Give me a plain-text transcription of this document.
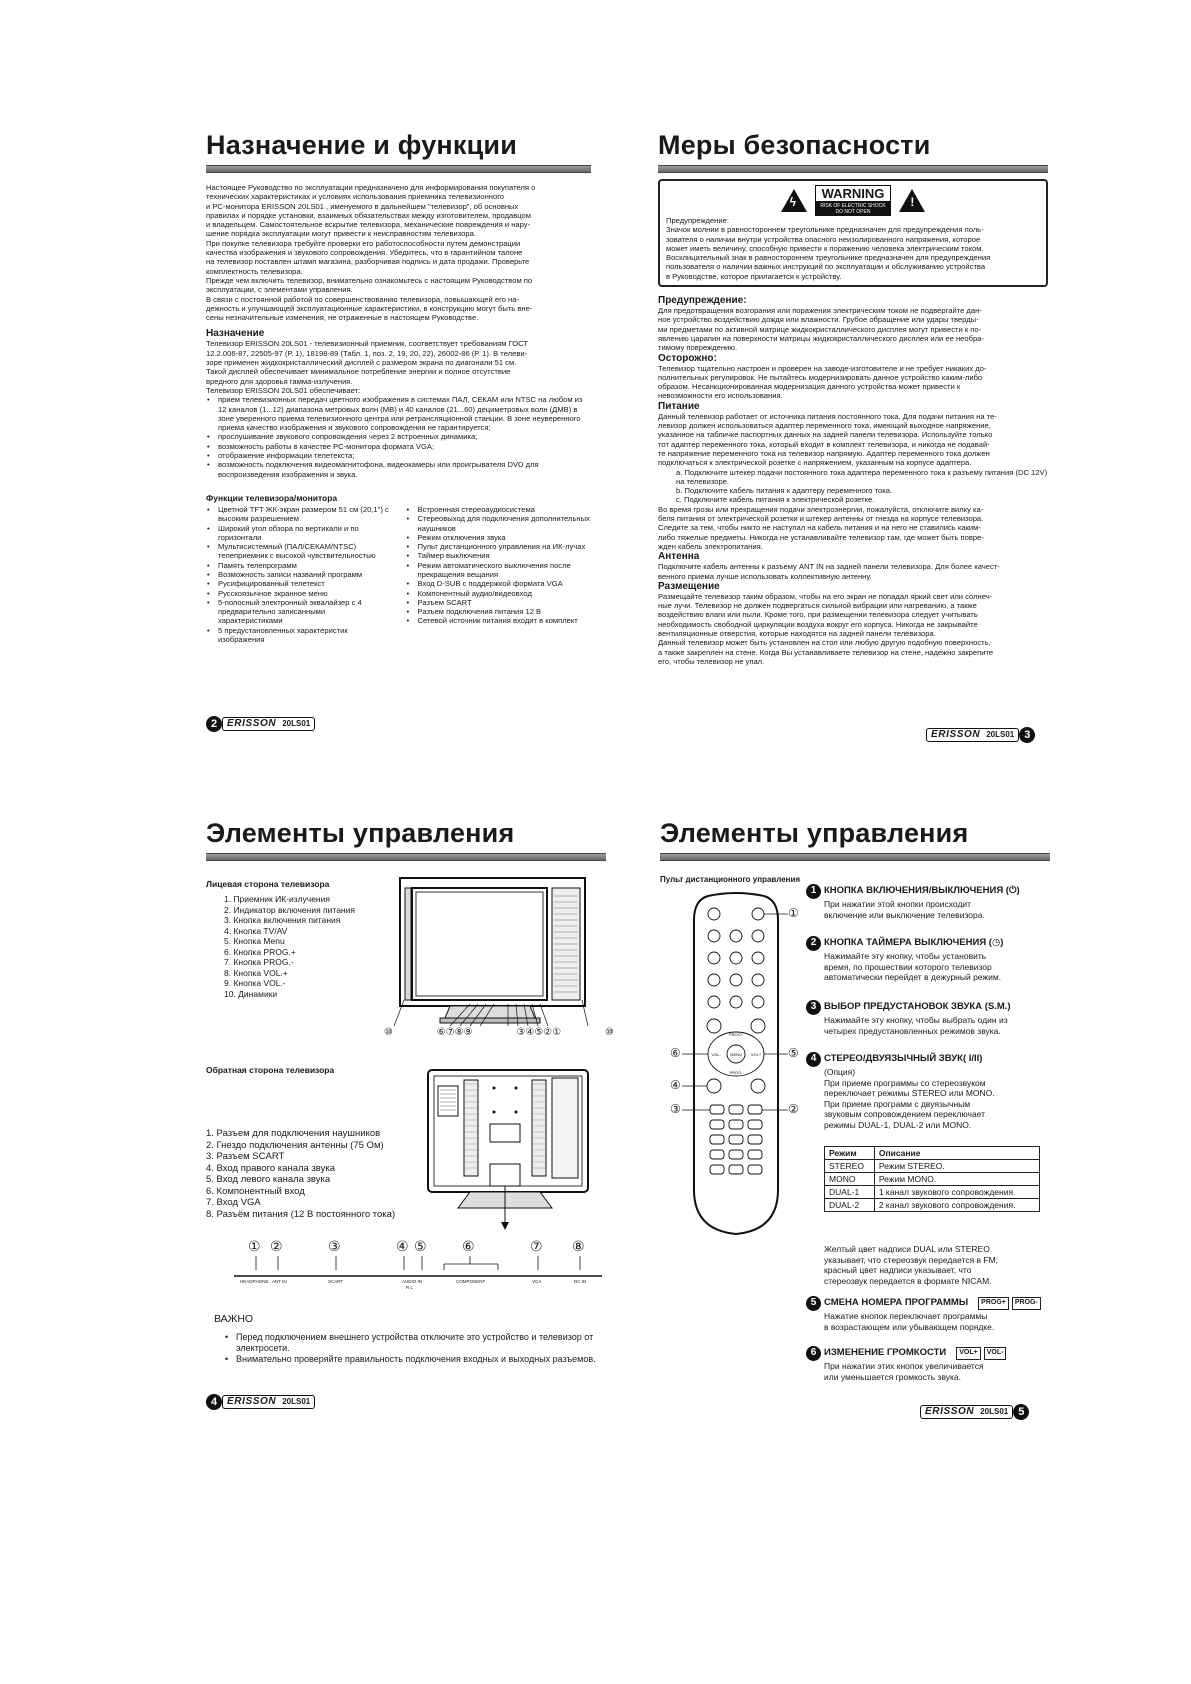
Назначение и функции

Настоящее Руководство по эксплуатации предназначено для информирования покупателя о
технических характеристиках и условиях использования приемника телевизионного
и PC-монитора ERISSON 20LS01 , именуемого в дальнейшем "телевизор", об основных
правилах и порядке установки, взаимных обязательствах между изготовителем, продавцом
и владельцем. Самостоятельное вскрытие телевизора, механические повреждения и нару-
шение порядка эксплуатации могут привести к неисправностям телевизора.
При покупке телевизора требуйте проверки его работоспособности путем демонстрации
качества изображения и звукового сопровождения. Убедитесь, что в гарантийном талоне
на телевизор поставлен штамп магазина, разборчивая подпись и дата продажи. Проверьте
комплектность телевизора.
Прежде чем включить телевизор, внимательно ознакомьтесь с настоящим Руководством по
эксплуатации, с элементами управления.
В связи с постоянной работой по совершенствованию телевизора, повышающей его на-
дежность и улучшающей эксплуатационные характеристики, в конструкцию могут быть вне-
сены незначительные изменения, не отраженные в настоящем Руководстве.

Назначение

Телевизор ERISSON 20LS01 - телевизионный приемник, соответствует требованиям ГОСТ
12.2.006-87, 22505-97 (Р. 1), 18198-89 (Табл. 1, поз. 2, 19, 20, 22), 26002-86 (Р. 1). В телеви-
зоре применен жидкокристаллический дисплей с размером экрана по диагонали 51 см.
Такой дисплей обеспечивает минимальное потребление энергии и полное отсутствие
вредного для здоровья гамма-излучения.
Телевизор ERISSON 20LS01 обеспечивает:

• прием телевизионных передач цветного изображения в системах ПАЛ, СЕКАМ или NTSC на любом из 12 каналов (1...12) диапазона метровых волн (МВ) и 40 каналов (21...60) дециметровых волн (ДМВ) в зоне уверенного приема телевизионного центра или ретрансляционной станции. В зоне неуверенного приема качество изображения и звукового сопровождения не гарантируется;
• прослушивание звукового сопровождения через 2 встроенных динамика;
• возможность работы в качестве PC-монитора формата VGA;
• отображение информации телетекста;
• возможность подключения видеомагнитофона, видеокамеры или проигрывателя DVD для воспроизведения изображения и звука.
Функции телевизора/монитора
• Цветной TFT ЖК-экран размером 51 см (20,1") с высоким разрешением
• Широкий угол обзора по вертикали и по горизонтали
• Мультисистемный (ПАЛ/СЕКАМ/NTSC) телеприемник с высокой чувствительностью
• Память телепрограмм
• Возможность записи названий программ
• Русифицированный телетекст
• Русскоязычное экранное меню
• 5-полосный электронный эквалайзер с 4 предварительно записанными характеристиками
• 5 предустановленных характеристик изображения
• Встроенная стереоаудиосистема
• Стереовыход для подключения дополнительных наушников
• Режим отключения звука
• Пульт дистанционного управления на ИК-лучах
• Таймер выключения
• Режим автоматического выключения после прекращения вещания
• Вход D-SUB с поддержкой формата VGA
• Компонентный аудио/видеовход
• Разъем SCART
• Разъем подключения питания 12 В
• Сетевой источник питания входит в комплект
2 ERISSON 20LS01
Меры безопасности
ϟ
WARNING
RISK OF ELECTRIC SHOCK
DO NOT OPEN
!

Предупреждение:
Значок молнии в равностороннем треугольнике предназначен для предупреждения поль-
зователя о наличии внутри устройства опасного неизолированного напряжения, которое
может иметь величину, способную привести к поражению человека электрическим током.
Восклицательный знак в равностороннем треугольнике предназначен для предупреждения
пользователя о наличии важных инструкций по эксплуатации и обслуживанию устройства
в Руководстве, которое прилагается к устройству.

Предупреждение:

Для предотвращения возгорания или поражения электрическим током не подвергайте дан-
ное устройство воздействию дождя или влажности. Грубое обращение или удары тверды-
ми предметами по активной матрице жидкокристаллического дисплея могут привести к по-
явлению царапин на поверхности матрицы жидкокристаллического дисплея или ее необра-
тимому повреждению.

Осторожно:

Телевизор тщательно настроен и проверен на заводе-изготовителе и не требует никаких до-
полнительных регулировок. Не пытайтесь модернизировать данное устройство каким-либо
образом. Несанкционированная модернизация данного устройства может привести к
невозможности его использования.

Питание

Данный телевизор работает от источника питания постоянного тока. Для подачи питания на те-
левизор должен использоваться адаптер переменного тока, имеющий выходное напряжение,
указанное на табличке паспортных данных на задней панели телевизора. Используйте только
тот адаптер переменного тока, который входит в комплект телевизора, и никогда не подавай-
те напряжение переменного тока на телевизор напрямую. Адаптер переменного тока должен
подключаться к электрической розетке с напряжением, указанным на корпусе адаптера.

a. Подключите штекер подачи постоянного тока адаптера переменного тока к разъему питания (DC 12V) на телевизоре.
b. Подключите кабель питания к адаптеру переменного тока.
c. Подключите кабель питания к электрической розетке.

Во время грозы или прекращения подачи электроэнергии, пожалуйста, отключите вилку ка-
беля питания от электрической розетки и штекер антенны от гнезда на корпусе телевизора.
Следите за тем, чтобы никто не наступал на кабель питания и на него не ставились каким-
либо тяжелые предметы. Никогда не устанавливайте телевизор там, где может быть повре-
жден кабель электропитания.

Антенна

Подключите кабель антенны к разъему ANT IN на задней панели телевизора. Для более качест-
венного приема лучше использовать коллективную антенну.

Размещение

Размещайте телевизор таким образом, чтобы на его экран не попадал яркий свет или солнеч-
ные лучи. Телевизор не должен подвергаться сильной вибрации или нагреванию, а также
воздействию влаги или пыли. Кроме того, при размещении телевизора следует учитывать
необходимость свободной циркуляции воздуха вокруг его корпуса. Никогда не закрывайте
вентиляционные отверстия, которые находятся на задней панели телевизора.
Данный телевизор может быть установлен на стол или любую другую подобную поверхность,
а также закреплен на стене. Когда Вы устанавливаете телевизор на стене, надежно закрепите
его, чтобы телевизор не упал.

ERISSON 20LS01 3
Элементы управления
Лицевая сторона телевизора
1. Приемник ИК-излучения
2. Индикатор включения питания
3. Кнопка включения питания
4. Кнопка TV/AV
5. Кнопка Menu
6. Кнопка PROG.+
7. Кнопка PROG.-
8. Кнопка VOL.+
9. Кнопка VOL.-
10. Динамики
⑩	⑥⑦⑧⑨	③④⑤②①	⑩
Обратная сторона телевизора
1. Разъем для подключения наушников
2. Гнездо подключения антенны (75 Ом)
3. Разъем SCART
4. Вход правого канала звука
5. Вход левого канала звука
6. Компонентный вход
7. Вход VGA
8. Разъём питания (12 В постоянного тока)
① ②	③	④ ⑤	⑥	⑦ ⑧
HEADPHONE ANT IN	SCART	AUDIO IN	COMPONENT	VGA	DC IN
R L
ВАЖНО
• Перед подключением внешнего устройства отключите это устройство и телевизор от электросети.
• Внимательно проверяйте правильность подключения входных и выходных разъемов.
4 ERISSON 20LS01
Элементы управления
Пульт дистанционного управления
PROG+
MENU
VOL-	VOL+
PROG-
①
⑥	⑤
④
③	②
1 КНОПКА ВКЛЮЧЕНИЯ/ВЫКЛЮЧЕНИЯ (⏻)
При нажатии этой кнопки происходит
включение или выключение телевизора.
2 КНОПКА ТАЙМЕРА ВЫКЛЮЧЕНИЯ (◷)
Нажимайте эту кнопку, чтобы установить
время, по прошествии которого телевизор
автоматически перейдет в дежурный режим.
3 ВЫБОР ПРЕДУСТАНОВОК ЗВУКА (S.M.)
Нажимайте эту кнопку, чтобы выбрать один из
четырех предустановленных режимов звука.
4 СТЕРЕО/ДВУЯЗЫЧНЫЙ ЗВУК( I/II)
(Опция)
При приеме программы со стереозвуком
переключает режимы STEREO или MONO.
При приеме программ с двуязычным
звуковым сопровождением переключает
режимы DUAL-1, DUAL-2 или MONO.
Режим	Описание
STEREO	Режим STEREO.
MONO	Режим MONO.
DUAL-1	1 канал звукового сопровождения.
DUAL-2	2 канал звукового сопровождения.
Желтый цвет надписи DUAL или STEREO
указывает, что стереозвук передается в FM;
красный цвет надписи указывает, что
стереозвук передается в формате NICAM.
5 СМЕНА НОМЕРА ПРОГРАММЫ	PROG+	PROG-
Нажатие кнопок переключает программы
в возрастающем или убывающем порядке.
6 ИЗМЕНЕНИЕ ГРОМКОСТИ	VOL+	VOL-
При нажатии этих кнопок увеличивается
или уменьшается громкость звука.
ERISSON 20LS01 5
